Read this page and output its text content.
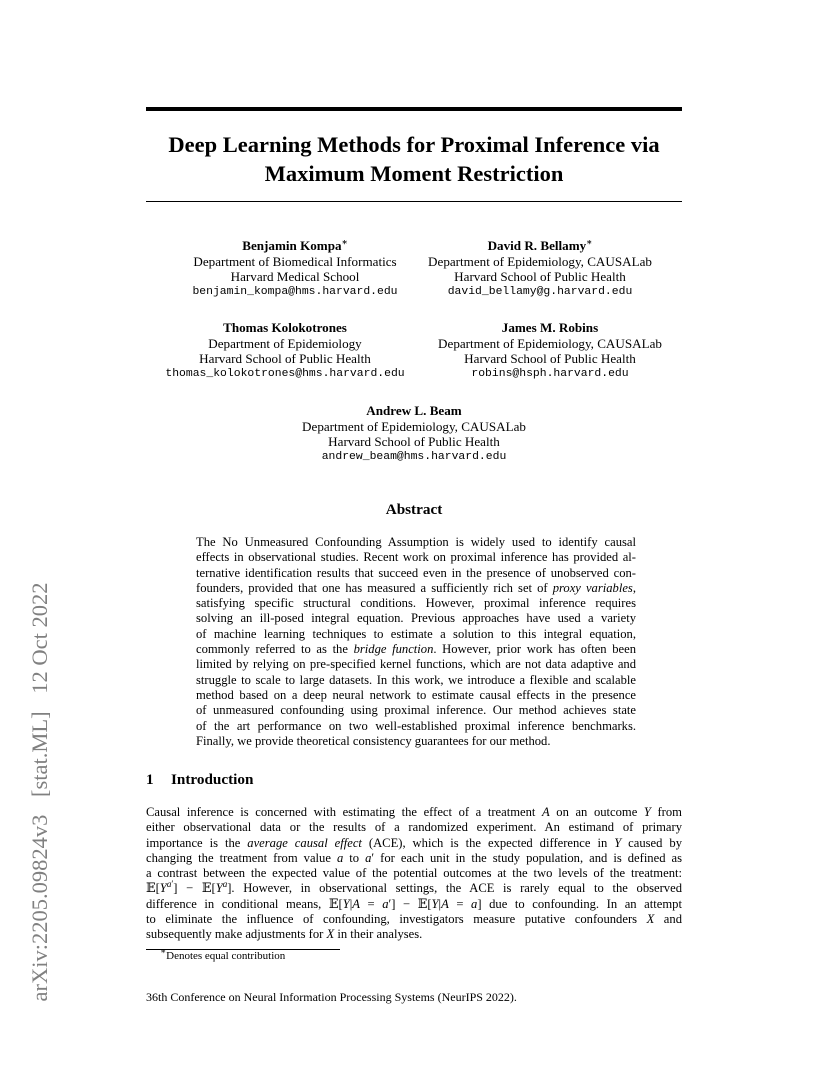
arXiv:2205.09824v3 [stat.ML] 12 Oct 2022
Deep Learning Methods for Proximal Inference via
Maximum Moment Restriction
Benjamin Kompa∗
Department of Biomedical Informatics
Harvard Medical School
benjamin_kompa@hms.harvard.edu
David R. Bellamy∗
Department of Epidemiology, CAUSALab
Harvard School of Public Health
david_bellamy@g.harvard.edu
Thomas Kolokotrones
Department of Epidemiology
Harvard School of Public Health
thomas_kolokotrones@hms.harvard.edu
James M. Robins
Department of Epidemiology, CAUSALab
Harvard School of Public Health
robins@hsph.harvard.edu
Andrew L. Beam
Department of Epidemiology, CAUSALab
Harvard School of Public Health
andrew_beam@hms.harvard.edu
Abstract
The No Unmeasured Confounding Assumption is widely used to identify causal
effects in observational studies. Recent work on proximal inference has provided al-
ternative identification results that succeed even in the presence of unobserved con-
founders, provided that one has measured a sufficiently rich set of proxy variables,
satisfying specific structural conditions. However, proximal inference requires
solving an ill-posed integral equation. Previous approaches have used a variety
of machine learning techniques to estimate a solution to this integral equation,
commonly referred to as the bridge function. However, prior work has often been
limited by relying on pre-specified kernel functions, which are not data adaptive and
struggle to scale to large datasets. In this work, we introduce a flexible and scalable
method based on a deep neural network to estimate causal effects in the presence
of unmeasured confounding using proximal inference. Our method achieves state
of the art performance on two well-established proximal inference benchmarks.
Finally, we provide theoretical consistency guarantees for our method.
1 Introduction
Causal inference is concerned with estimating the effect of a treatment A on an outcome Y from
either observational data or the results of a randomized experiment. An estimand of primary
importance is the average causal effect (ACE), which is the expected difference in Y caused by
changing the treatment from value a to a′ for each unit in the study population, and is defined as
a contrast between the expected value of the potential outcomes at the two levels of the treatment:
$𝔼[Y^{a'}]$ − $𝔼[Y^a]$. However, in observational settings, the ACE is rarely equal to the observed
difference in conditional means, 𝔼[Y|A = a′] − 𝔼[Y|A = a] due to confounding. In an attempt
to eliminate the influence of confounding, investigators measure putative confounders X and
subsequently make adjustments for X in their analyses.
∗Denotes equal contribution
36th Conference on Neural Information Processing Systems (NeurIPS 2022).
